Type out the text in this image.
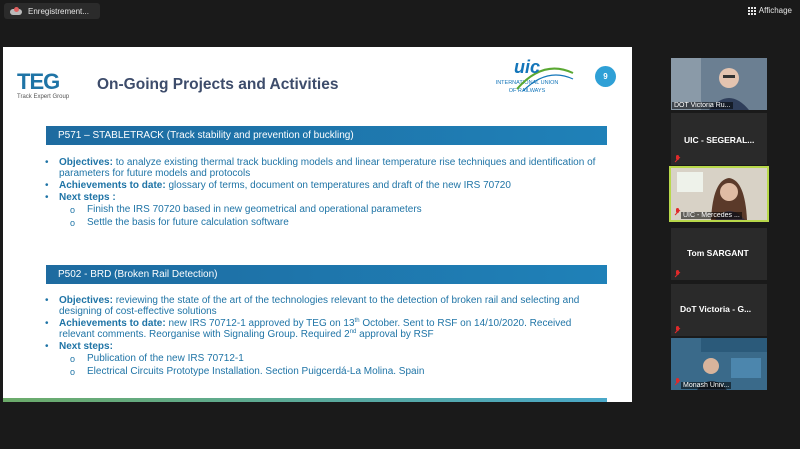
Enregistrement...	Affichage
TEG
Track Expert Group
On-Going Projects and Activities
uic
INTERNATIONAL UNION
OF RAILWAYS
9
P571 – STABLETRACK (Track stability and prevention of buckling)
• Objectives: to analyze existing thermal track buckling models and linear temperature rise techniques and identification of parameters for future models and protocols
• Achievements to date: glossary of terms, document on temperatures and draft of the new IRS 70720
• Next steps :
o Finish the IRS 70720 based in new geometrical and operational parameters
o Settle the basis for future calculation software
P502 - BRD (Broken Rail Detection)
• Objectives: reviewing the state of the art of the technologies relevant to the detection of broken rail and selecting and designing of cost-effective solutions
• Achievements to date: new IRS 70712-1 approved by TEG on 13th October. Sent to RSF on 14/10/2020. Received relevant comments. Reorganise with Signaling Group. Required 2nd approval by RSF
• Next steps:
o Publication of the new IRS 70712-1
o Electrical Circuits Prototype Installation. Section Puigcerdá-La Molina. Spain
DOT Victoria Ru...
UIC - SEGERAL...
UIC - Mercedes ...
Tom SARGANT
DoT Victoria - G...
Monash Univ...
